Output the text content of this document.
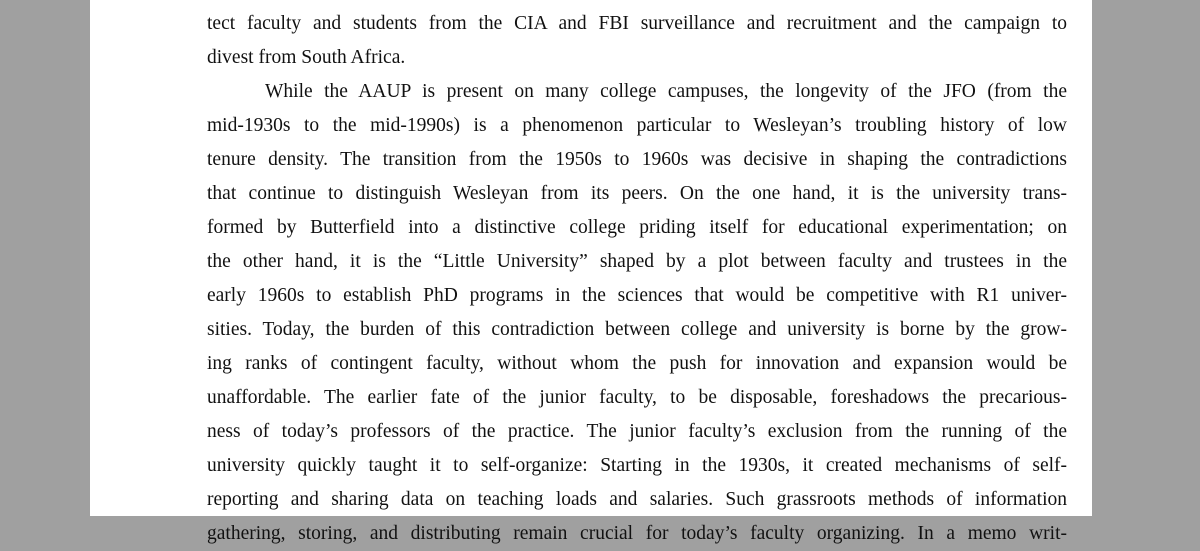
tect faculty and students from the CIA and FBI surveillance and recruitment and the campaign to
divest from South Africa.
While the AAUP is present on many college campuses, the longevity of the JFO (from the
mid-1930s to the mid-1990s) is a phenomenon particular to Wesleyan’s troubling history of low
tenure density. The transition from the 1950s to 1960s was decisive in shaping the contradictions
that continue to distinguish Wesleyan from its peers. On the one hand, it is the university trans-
formed by Butterfield into a distinctive college priding itself for educational experimentation; on
the other hand, it is the “Little University” shaped by a plot between faculty and trustees in the
early 1960s to establish PhD programs in the sciences that would be competitive with R1 univer-
sities. Today, the burden of this contradiction between college and university is borne by the grow-
ing ranks of contingent faculty, without whom the push for innovation and expansion would be
unaffordable. The earlier fate of the junior faculty, to be disposable, foreshadows the precarious-
ness of today’s professors of the practice. The junior faculty’s exclusion from the running of the
university quickly taught it to self-organize: Starting in the 1930s, it created mechanisms of self-
reporting and sharing data on teaching loads and salaries. Such grassroots methods of information
gathering, storing, and distributing remain crucial for today’s faculty organizing. In a memo writ-
